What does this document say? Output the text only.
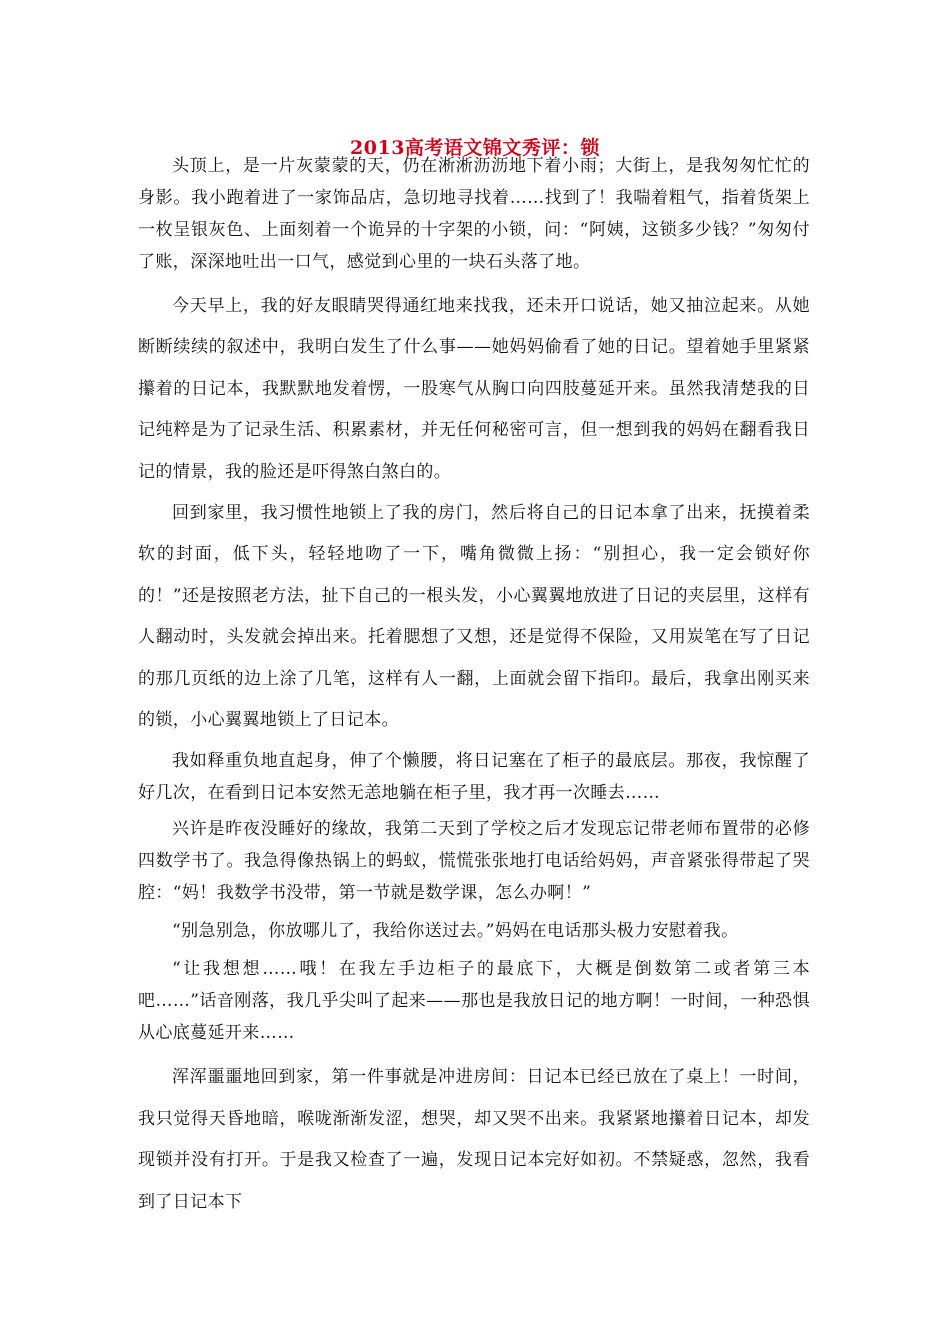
2013高考语文锦文秀评：锁

头顶上，是一片灰蒙蒙的天，仍在淅淅沥沥地下着小雨；大街上，是我匆匆忙忙的身影。我小跑着进了一家饰品店，急切地寻找着……找到了！我喘着粗气，指着货架上一枚呈银灰色、上面刻着一个诡异的十字架的小锁，问：“阿姨，这锁多少钱？”匆匆付了账，深深地吐出一口气，感觉到心里的一块石头落了地。

今天早上，我的好友眼睛哭得通红地来找我，还未开口说话，她又抽泣起来。从她断断续续的叙述中，我明白发生了什么事——她妈妈偷看了她的日记。望着她手里紧紧攥着的日记本，我默默地发着愣，一股寒气从胸口向四肢蔓延开来。虽然我清楚我的日记纯粹是为了记录生活、积累素材，并无任何秘密可言，但一想到我的妈妈在翻看我日记的情景，我的脸还是吓得煞白煞白的。

回到家里，我习惯性地锁上了我的房门，然后将自己的日记本拿了出来，抚摸着柔软的封面，低下头，轻轻地吻了一下，嘴角微微上扬：“别担心，我一定会锁好你的！”还是按照老方法，扯下自己的一根头发，小心翼翼地放进了日记的夹层里，这样有人翻动时，头发就会掉出来。托着腮想了又想，还是觉得不保险，又用炭笔在写了日记的那几页纸的边上涂了几笔，这样有人一翻，上面就会留下指印。最后，我拿出刚买来的锁，小心翼翼地锁上了日记本。

我如释重负地直起身，伸了个懒腰，将日记塞在了柜子的最底层。那夜，我惊醒了好几次，在看到日记本安然无恙地躺在柜子里，我才再一次睡去……

兴许是昨夜没睡好的缘故，我第二天到了学校之后才发现忘记带老师布置带的必修四数学书了。我急得像热锅上的蚂蚁，慌慌张张地打电话给妈妈，声音紧张得带起了哭腔：“妈！我数学书没带，第一节就是数学课，怎么办啊！”

“别急别急，你放哪儿了，我给你送过去。”妈妈在电话那头极力安慰着我。

“让我想想……哦！在我左手边柜子的最底下，大概是倒数第二或者第三本吧……”话音刚落，我几乎尖叫了起来——那也是我放日记的地方啊！一时间，一种恐惧从心底蔓延开来……

浑浑噩噩地回到家，第一件事就是冲进房间：日记本已经已放在了桌上！一时间，我只觉得天昏地暗，喉咙渐渐发涩，想哭，却又哭不出来。我紧紧地攥着日记本，却发现锁并没有打开。于是我又检查了一遍，发现日记本完好如初。不禁疑惑，忽然，我看到了日记本下
